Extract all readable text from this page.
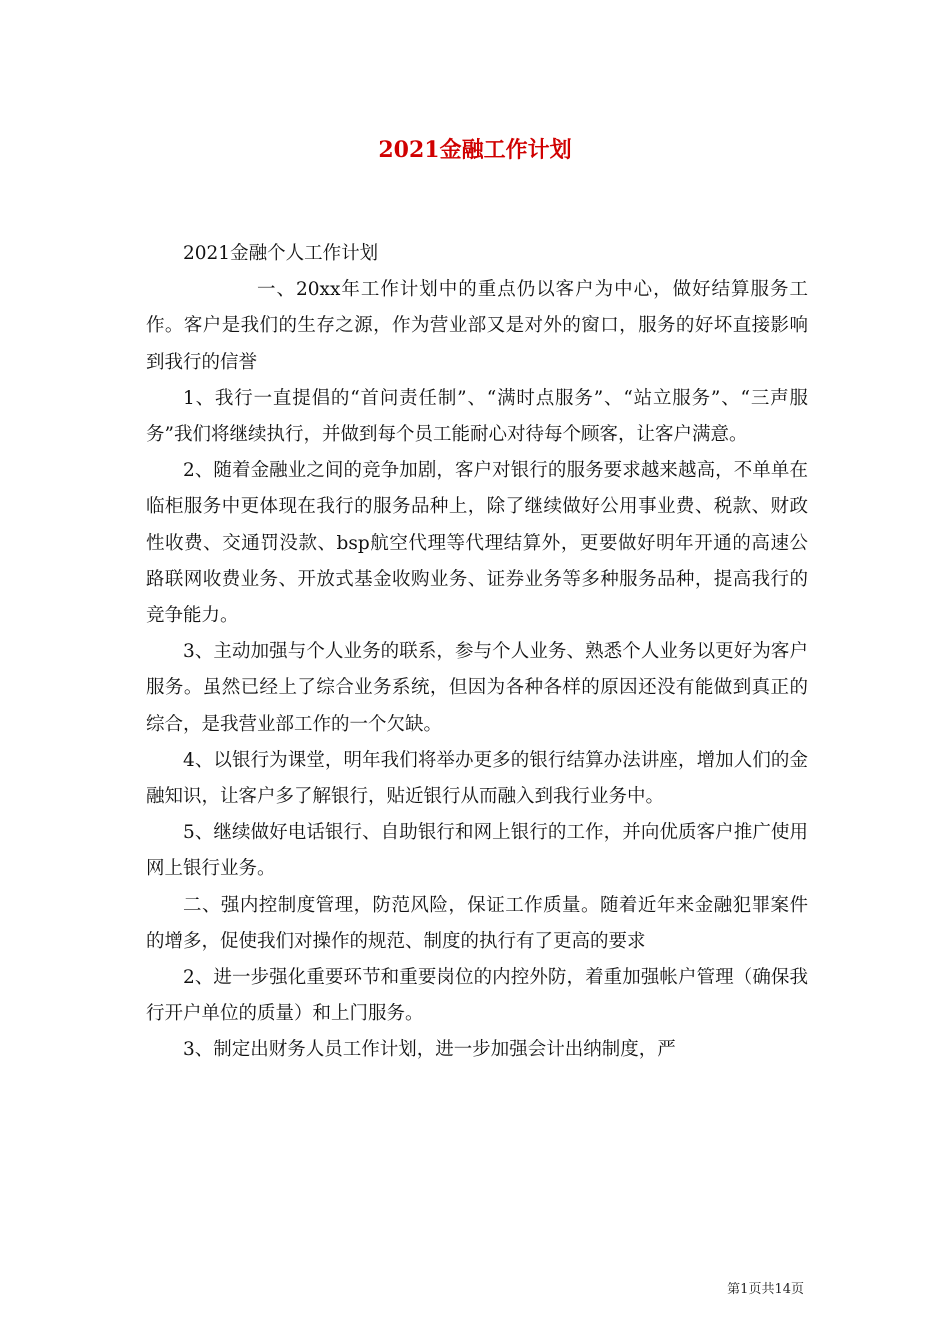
2021金融工作计划

2021金融个人工作计划

一、20xx年工作计划中的重点仍以客户为中心，做好结算服务工作。客户是我们的生存之源，作为营业部又是对外的窗口，服务的好坏直接影响到我行的信誉

1、我行一直提倡的“首问责任制”、“满时点服务”、“站立服务”、“三声服务”我们将继续执行，并做到每个员工能耐心对待每个顾客，让客户满意。

2、随着金融业之间的竞争加剧，客户对银行的服务要求越来越高，不单单在临柜服务中更体现在我行的服务品种上，除了继续做好公用事业费、税款、财政性收费、交通罚没款、bsp航空代理等代理结算外，更要做好明年开通的高速公路联网收费业务、开放式基金收购业务、证券业务等多种服务品种，提高我行的竞争能力。

3、主动加强与个人业务的联系，参与个人业务、熟悉个人业务以更好为客户服务。虽然已经上了综合业务系统，但因为各种各样的原因还没有能做到真正的综合，是我营业部工作的一个欠缺。

4、以银行为课堂，明年我们将举办更多的银行结算办法讲座，增加人们的金融知识，让客户多了解银行，贴近银行从而融入到我行业务中。

5、继续做好电话银行、自助银行和网上银行的工作，并向优质客户推广使用网上银行业务。

二、强内控制度管理，防范风险，保证工作质量。随着近年来金融犯罪案件的增多，促使我们对操作的规范、制度的执行有了更高的要求

2、进一步强化重要环节和重要岗位的内控外防，着重加强帐户管理（确保我行开户单位的质量）和上门服务。

3、制定出财务人员工作计划，进一步加强会计出纳制度，严

第1页共14页
